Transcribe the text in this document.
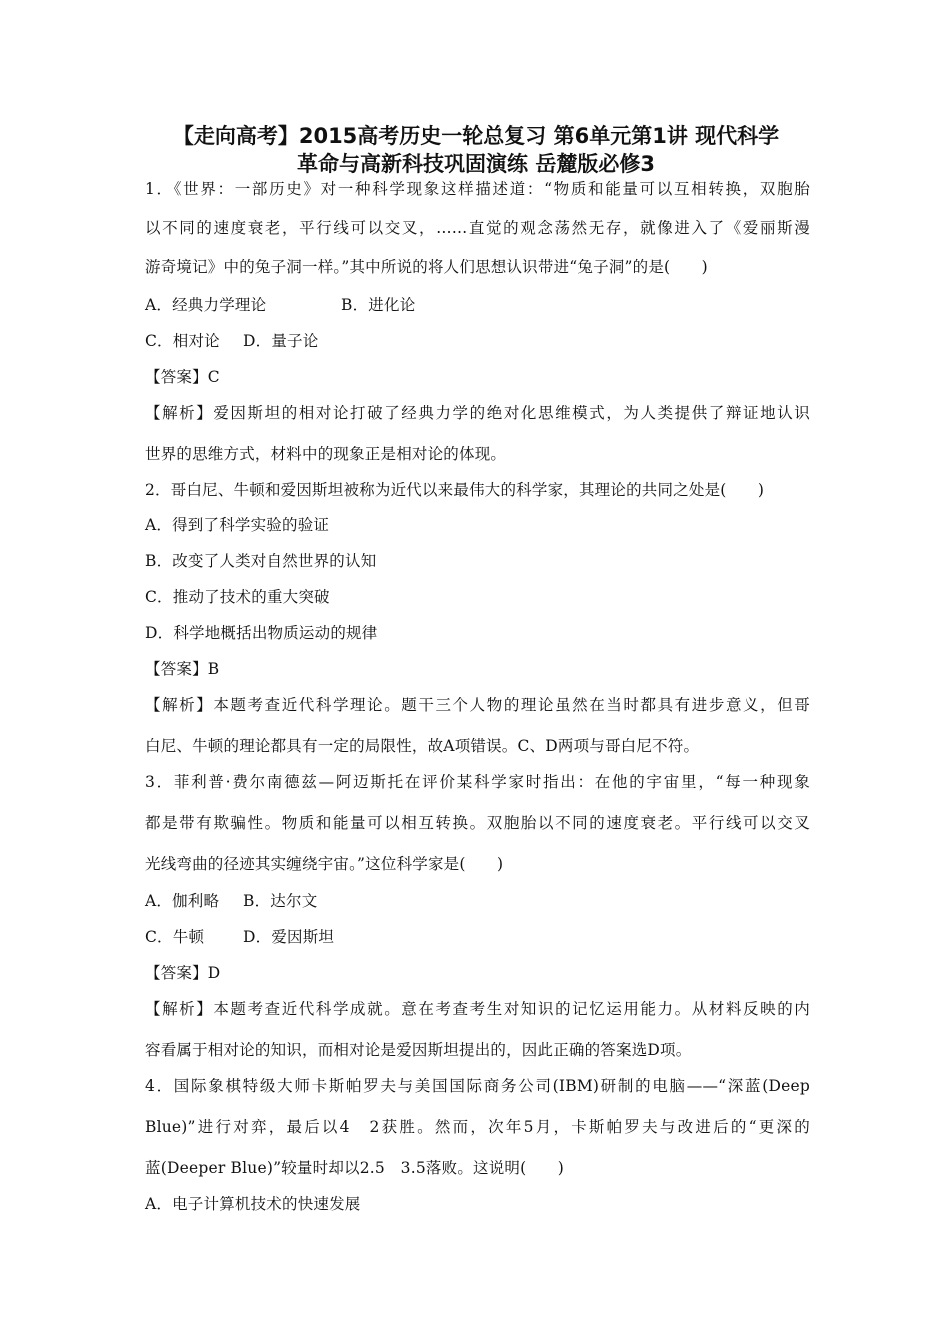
【走向高考】2015高考历史一轮总复习 第6单元第1讲 现代科学
革命与高新科技巩固演练 岳麓版必修3
1．《世界：一部历史》对一种科学现象这样描述道：“物质和能量可以互相转换，双胞胎
以不同的速度衰老，平行线可以交叉，……直觉的观念荡然无存，就像进入了《爱丽斯漫
游奇境记》中的兔子洞一样。”其中所说的将人们思想认识带进“兔子洞”的是(　　)
A．经典力学理论	B．进化论
C．相对论 D．量子论
【答案】C
【解析】爱因斯坦的相对论打破了经典力学的绝对化思维模式，为人类提供了辩证地认识
世界的思维方式，材料中的现象正是相对论的体现。
2．哥白尼、牛顿和爱因斯坦被称为近代以来最伟大的科学家，其理论的共同之处是(　　)
A．得到了科学实验的验证
B．改变了人类对自然世界的认知
C．推动了技术的重大突破
D．科学地概括出物质运动的规律
【答案】B
【解析】本题考查近代科学理论。题干三个人物的理论虽然在当时都具有进步意义，但哥
白尼、牛顿的理论都具有一定的局限性，故A项错误。C、D两项与哥白尼不符。
3．菲利普·费尔南德兹—阿迈斯托在评价某科学家时指出：在他的宇宙里，“每一种现象
都是带有欺骗性。物质和能量可以相互转换。双胞胎以不同的速度衰老。平行线可以交叉
光线弯曲的径迹其实缠绕宇宙。”这位科学家是(　　)
A．伽利略 B．达尔文
C．牛顿	D．爱因斯坦
【答案】D
【解析】本题考查近代科学成就。意在考查考生对知识的记忆运用能力。从材料反映的内
容看属于相对论的知识，而相对论是爱因斯坦提出的，因此正确的答案选D项。
4．国际象棋特级大师卡斯帕罗夫与美国国际商务公司(IBM)研制的电脑——“深蓝(Deep
Blue)”进行对弈，最后以4　2获胜。然而，次年5月，卡斯帕罗夫与改进后的“更深的
蓝(Deeper Blue)”较量时却以2.5　3.5落败。这说明(　　)
A．电子计算机技术的快速发展
